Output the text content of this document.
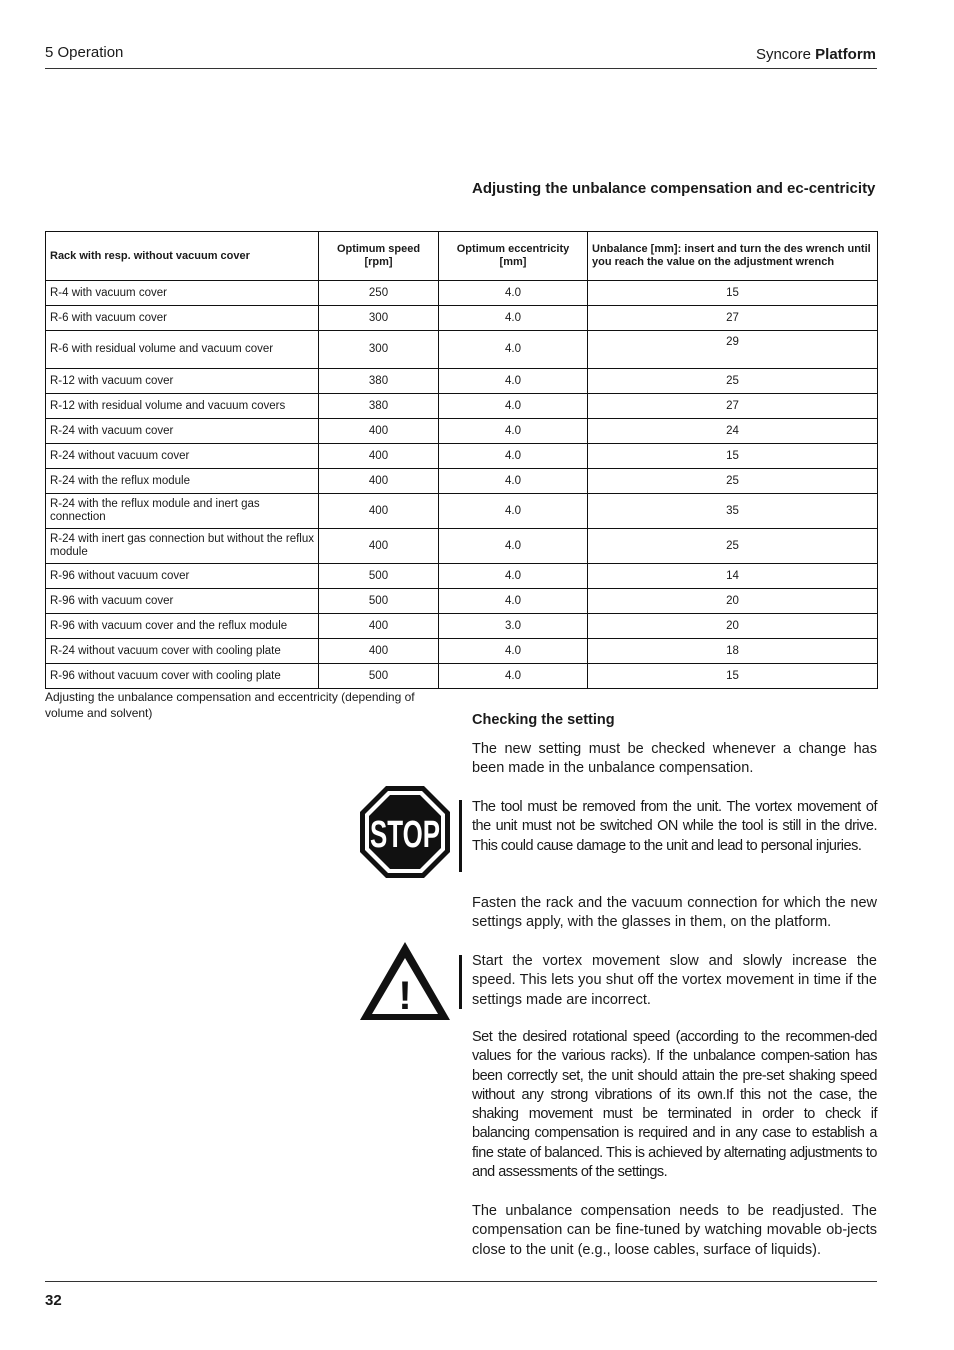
5 Operation	Syncore Platform
Adjusting the unbalance compensation and ec-centricity
Rack with resp. without vacuum cover	Optimum speed [rpm]	Optimum eccentricity [mm]	Unbalance [mm]: insert and turn the des wrench until you reach the value on the adjustment wrench
R-4 with vacuum cover	250	4.0	15
R-6 with vacuum cover	300	4.0	27
R-6 with residual volume and vacuum cover	300	4.0	29
R-12 with vacuum cover	380	4.0	25
R-12 with residual volume and vacuum covers	380	4.0	27
R-24 with vacuum cover	400	4.0	24
R-24 without vacuum cover	400	4.0	15
R-24 with the reflux module	400	4.0	25
R-24 with the reflux module and inert gas connection	400	4.0	35
R-24 with inert gas connection but without the reflux module	400	4.0	25
R-96 without vacuum cover	500	4.0	14
R-96 with vacuum cover	500	4.0	20
R-96 with vacuum cover and the reflux module	400	3.0	20
R-24 without vacuum cover with cooling plate	400	4.0	18
R-96 without vacuum cover with cooling plate	500	4.0	15
Adjusting the unbalance compensation and eccentricity (depending of volume and solvent)	Checking the setting
The new setting must be checked whenever a change has been made in the unbalance compensation.
The tool must be removed from the unit. The vortex movement of the unit must not be switched ON while the tool is still in the drive. This could cause damage to the unit and lead to personal injuries.
Fasten the rack and the vacuum connection for which the new settings apply, with the glasses in them, on the platform.
Start the vortex movement slow and slowly increase the speed. This lets you shut off the vortex movement in time if the settings made are incorrect.
Set the desired rotational speed (according to the recommen-ded values for the various racks). If the unbalance compen-sation has been correctly set, the unit should attain the pre-set shaking speed without any strong vibrations of its own.If this not the case, the shaking movement must be terminated in order to check if balancing compensation is required and in any case to establish a fine state of balanced. This is achieved by alternating adjustments to and assessments of the settings.
The unbalance compensation needs to be readjusted. The compensation can be fine-tuned by watching movable ob-jects close to the unit (e.g., loose cables, surface of liquids).
STOP
!
32
